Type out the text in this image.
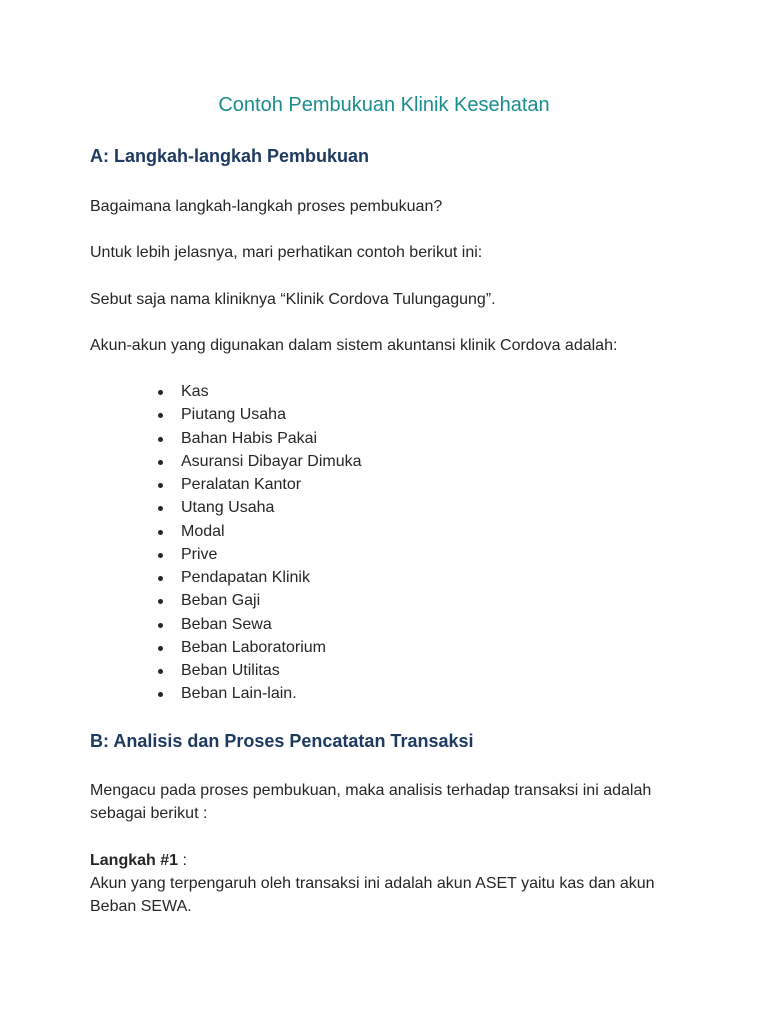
Contoh Pembukuan Klinik Kesehatan
A: Langkah-langkah Pembukuan

Bagaimana langkah-langkah proses pembukuan?

Untuk lebih jelasnya, mari perhatikan contoh berikut ini:

Sebut saja nama kliniknya “Klinik Cordova Tulungagung”.

Akun-akun yang digunakan dalam sistem akuntansi klinik Cordova adalah:

Kas
Piutang Usaha
Bahan Habis Pakai
Asuransi Dibayar Dimuka
Peralatan Kantor
Utang Usaha
Modal
Prive
Pendapatan Klinik
Beban Gaji
Beban Sewa
Beban Laboratorium
Beban Utilitas
Beban Lain-lain.
B: Analisis dan Proses Pencatatan Transaksi

Mengacu pada proses pembukuan, maka analisis terhadap transaksi ini adalah sebagai berikut :

Langkah #1 :
Akun yang terpengaruh oleh transaksi ini adalah akun ASET yaitu kas dan akun Beban SEWA.
